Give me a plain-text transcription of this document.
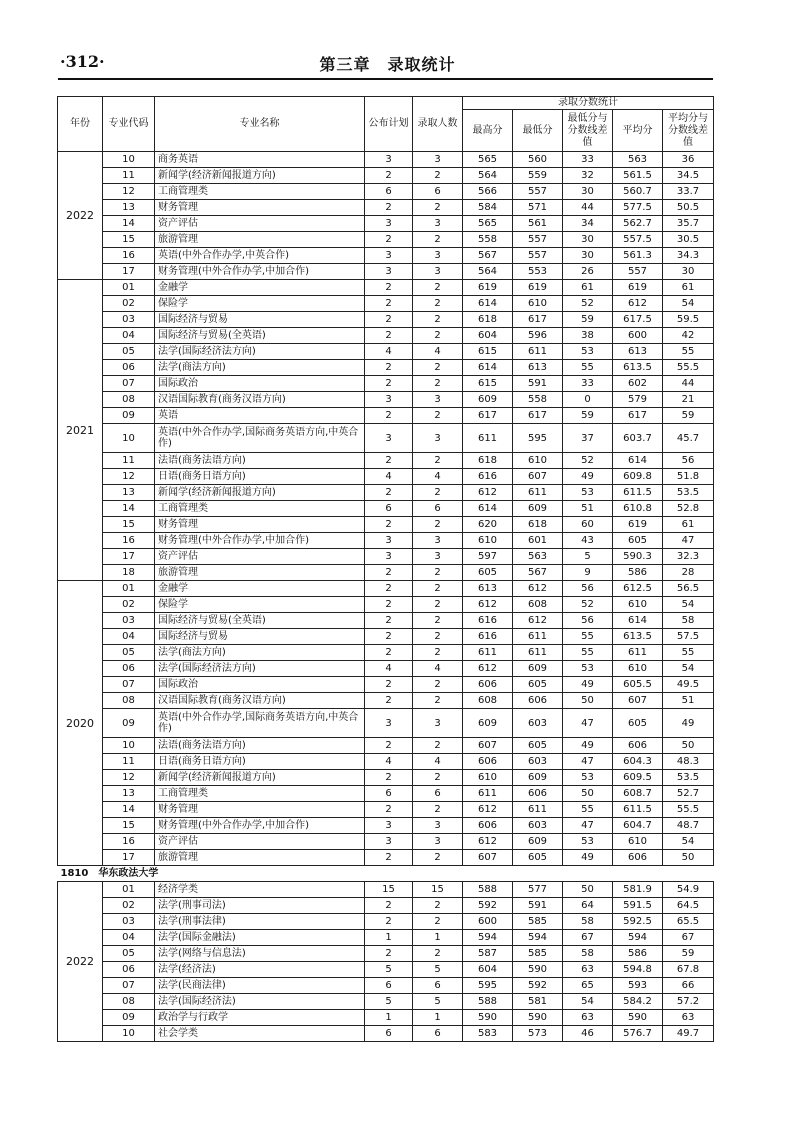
·312·	第三章　录取统计
年份	专业代码	专业名称	公布计划	录取人数	录取分数统计				
					最高分	最低分	最低分与分数线差值	平均分	平均分与分数线差值
2022	10	商务英语	3	3	565	560	33	563	36
	11	新闻学(经济新闻报道方向)	2	2	564	559	32	561.5	34.5
	12	工商管理类	6	6	566	557	30	560.7	33.7
	13	财务管理	2	2	584	571	44	577.5	50.5
	14	资产评估	3	3	565	561	34	562.7	35.7
	15	旅游管理	2	2	558	557	30	557.5	30.5
	16	英语(中外合作办学,中英合作)	3	3	567	557	30	561.3	34.3
	17	财务管理(中外合作办学,中加合作)	3	3	564	553	26	557	30
2021	01	金融学	2	2	619	619	61	619	61
	02	保险学	2	2	614	610	52	612	54
	03	国际经济与贸易	2	2	618	617	59	617.5	59.5
	04	国际经济与贸易(全英语)	2	2	604	596	38	600	42
	05	法学(国际经济法方向)	4	4	615	611	53	613	55
	06	法学(商法方向)	2	2	614	613	55	613.5	55.5
	07	国际政治	2	2	615	591	33	602	44
	08	汉语国际教育(商务汉语方向)	3	3	609	558	0	579	21
	09	英语	2	2	617	617	59	617	59
	10	英语(中外合作办学,国际商务英语方向,中英合作)	3	3	611	595	37	603.7	45.7
	11	法语(商务法语方向)	2	2	618	610	52	614	56
	12	日语(商务日语方向)	4	4	616	607	49	609.8	51.8
	13	新闻学(经济新闻报道方向)	2	2	612	611	53	611.5	53.5
	14	工商管理类	6	6	614	609	51	610.8	52.8
	15	财务管理	2	2	620	618	60	619	61
	16	财务管理(中外合作办学,中加合作)	3	3	610	601	43	605	47
	17	资产评估	3	3	597	563	5	590.3	32.3
	18	旅游管理	2	2	605	567	9	586	28
2020	01	金融学	2	2	613	612	56	612.5	56.5
	02	保险学	2	2	612	608	52	610	54
	03	国际经济与贸易(全英语)	2	2	616	612	56	614	58
	04	国际经济与贸易	2	2	616	611	55	613.5	57.5
	05	法学(商法方向)	2	2	611	611	55	611	55
	06	法学(国际经济法方向)	4	4	612	609	53	610	54
	07	国际政治	2	2	606	605	49	605.5	49.5
	08	汉语国际教育(商务汉语方向)	2	2	608	606	50	607	51
	09	英语(中外合作办学,国际商务英语方向,中英合作)	3	3	609	603	47	605	49
	10	法语(商务法语方向)	2	2	607	605	49	606	50
	11	日语(商务日语方向)	4	4	606	603	47	604.3	48.3
	12	新闻学(经济新闻报道方向)	2	2	610	609	53	609.5	53.5
	13	工商管理类	6	6	611	606	50	608.7	52.7
	14	财务管理	2	2	612	611	55	611.5	55.5
	15	财务管理(中外合作办学,中加合作)	3	3	606	603	47	604.7	48.7
	16	资产评估	3	3	612	609	53	610	54
	17	旅游管理	2	2	607	605	49	606	50
1810　华东政法大学									
2022	01	经济学类	15	15	588	577	50	581.9	54.9
	02	法学(刑事司法)	2	2	592	591	64	591.5	64.5
	03	法学(刑事法律)	2	2	600	585	58	592.5	65.5
	04	法学(国际金融法)	1	1	594	594	67	594	67
	05	法学(网络与信息法)	2	2	587	585	58	586	59
	06	法学(经济法)	5	5	604	590	63	594.8	67.8
	07	法学(民商法律)	6	6	595	592	65	593	66
	08	法学(国际经济法)	5	5	588	581	54	584.2	57.2
	09	政治学与行政学	1	1	590	590	63	590	63
	10	社会学类	6	6	583	573	46	576.7	49.7
